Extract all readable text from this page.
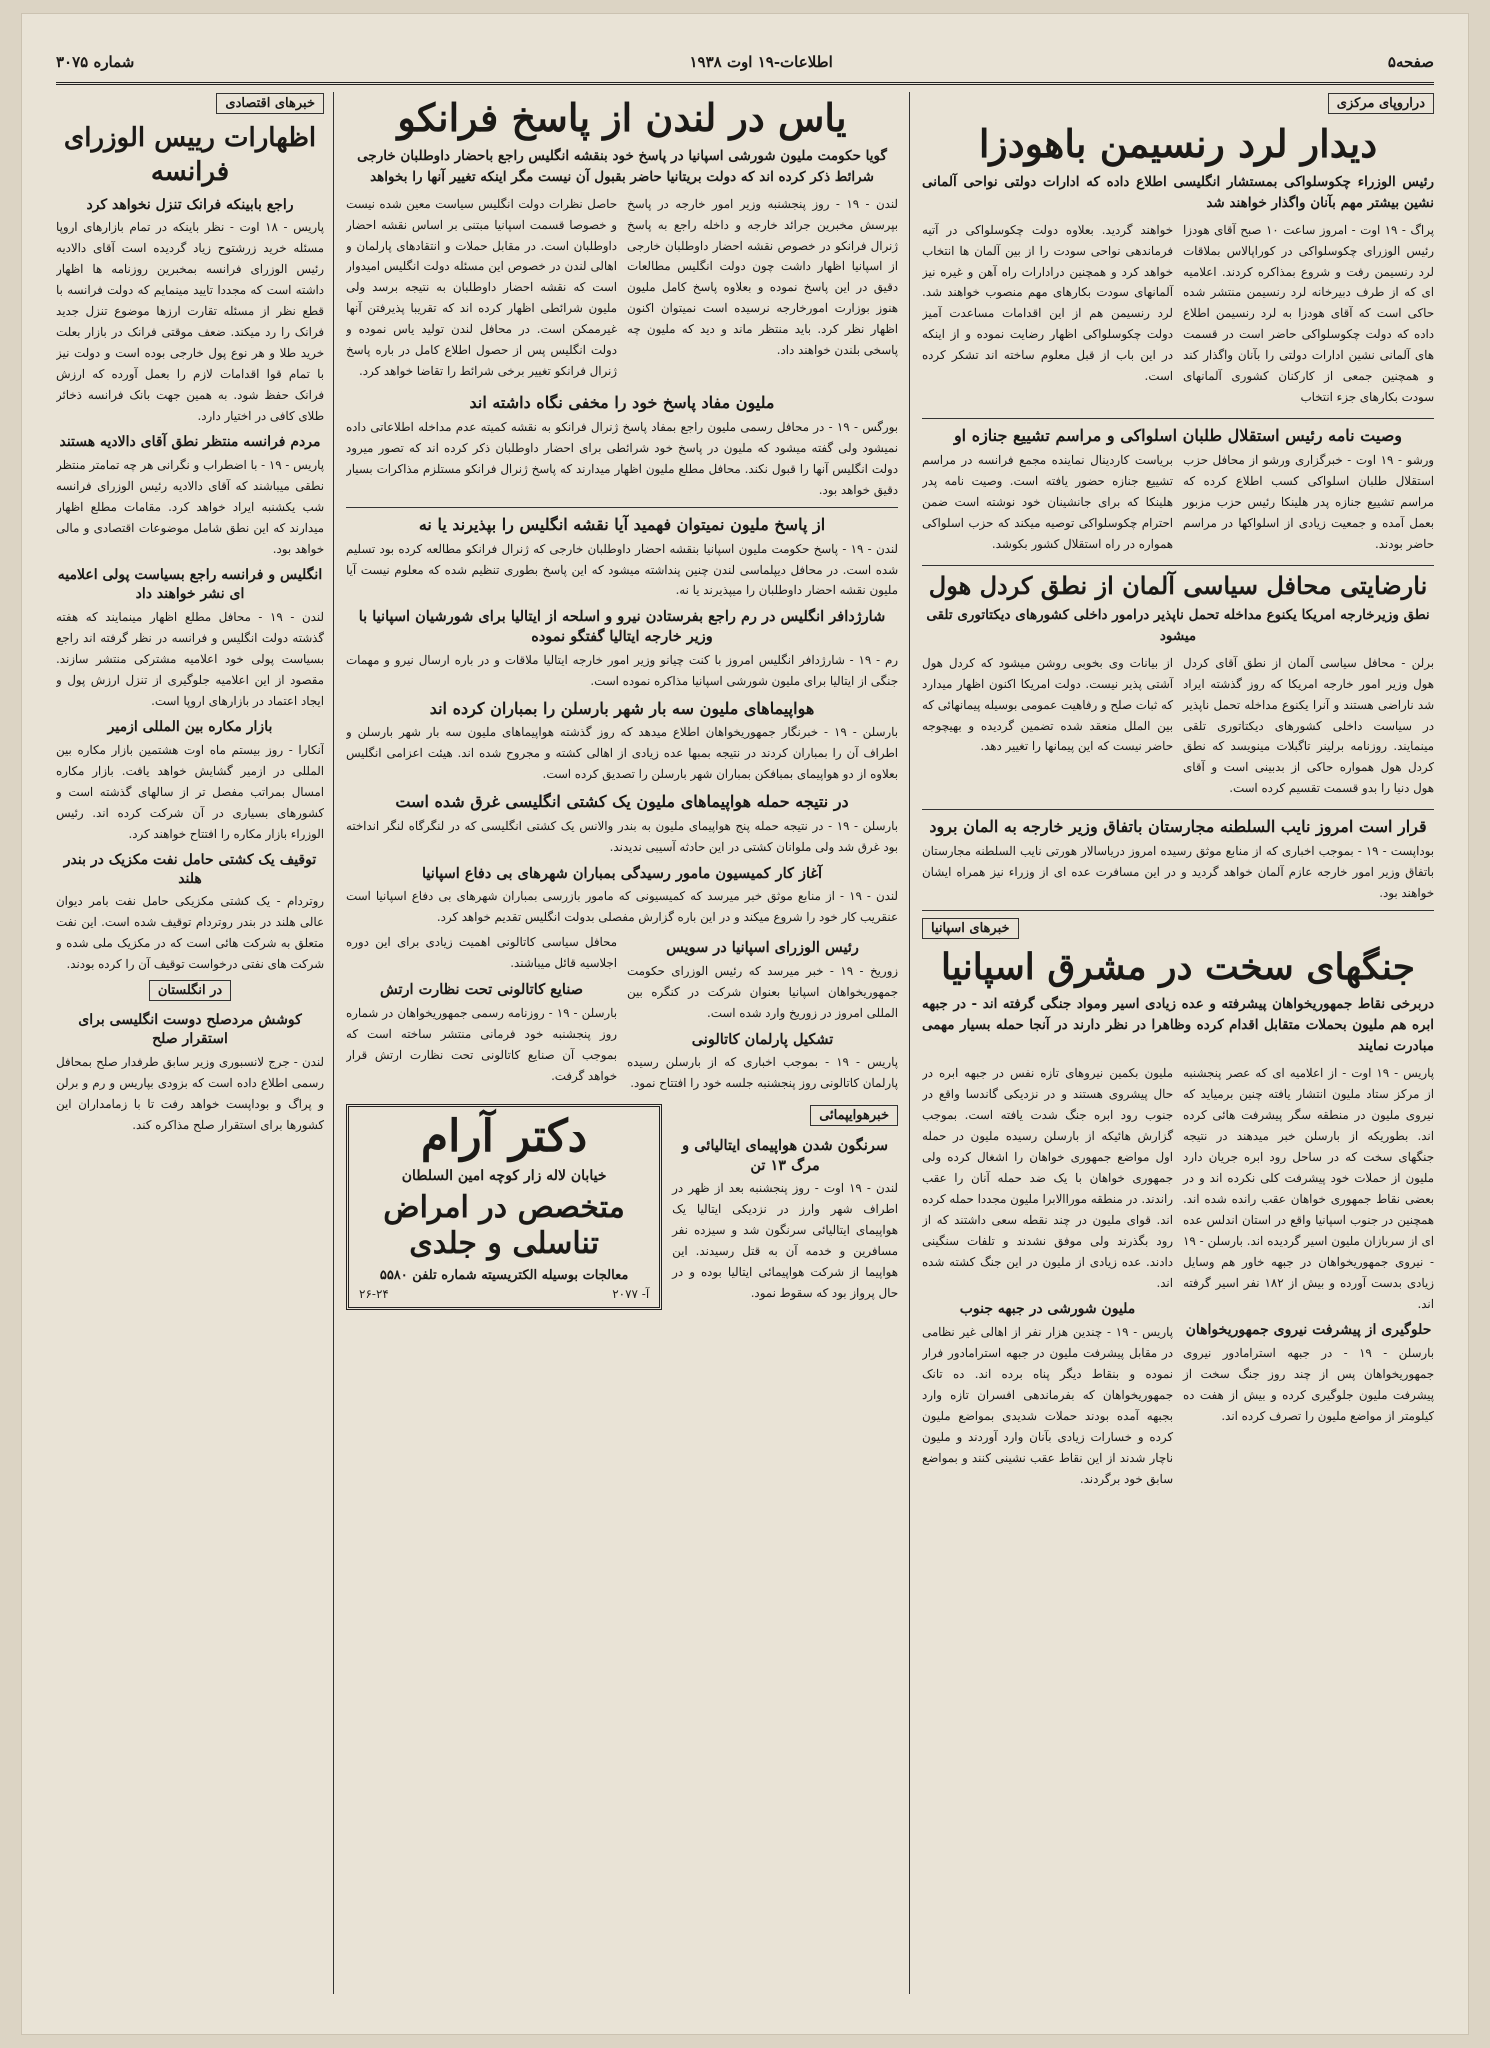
صفحه۵
اطلاعات-۱۹ اوت ۱۹۳۸
شماره ۳۰۷۵
دراروپای مرکزی
دیدار لرد رنسیمن باهودزا
رئیس الوزراء چکوسلواکی بمستشار انگلیسی اطلاع داده که ادارات دولتی نواحی آلمانی نشین بیشتر مهم بآنان واگذار خواهند شد

پراگ - ۱۹ اوت - امروز ساعت ۱۰ صبح آقای هودزا رئیس الوزرای چکوسلواکی در کوراپالاس بملاقات لرد رنسیمن رفت و شروع بمذاکره کردند. اعلامیه ای که از طرف دبیرخانه لرد رنسیمن منتشر شده حاکی است که آقای هودزا به لرد رنسیمن اطلاع داده که دولت چکوسلواکی حاضر است در قسمت های آلمانی نشین ادارات دولتی را بآنان واگذار کند و همچنین جمعی از کارکنان کشوری آلمانهای سودت بکارهای جزء انتخاب

خواهند گردید. بعلاوه دولت چکوسلواکی در آتیه فرماندهی نواحی سودت را از بین آلمان ها انتخاب خواهد کرد و همچنین درادارات راه آهن و غیره نیز آلمانهای سودت بکارهای مهم منصوب خواهند شد. لرد رنسیمن هم از این اقدامات مساعدت آمیز دولت چکوسلواکی اظهار رضایت نموده و از اینکه در این باب از قبل معلوم ساخته اند تشکر کرده است.

وصیت نامه رئیس استقلال طلبان اسلواکی و مراسم تشییع جنازه او

ورشو - ۱۹ اوت - خبرگزاری ورشو از محافل حزب استقلال طلبان اسلواکی کسب اطلاع کرده که مراسم تشییع جنازه پدر هلینکا رئیس حزب مزبور بعمل آمده و جمعیت زیادی از اسلواکها در مراسم حاضر بودند.

بریاست کاردینال نماینده مجمع فرانسه در مراسم تشییع جنازه حضور یافته است. وصیت نامه پدر هلینکا که برای جانشینان خود نوشته است ضمن احترام چکوسلواکی توصیه میکند که حزب اسلواکی همواره در راه استقلال کشور بکوشد.

نارضایتی محافل سیاسی آلمان از نطق کردل هول
نطق وزیرخارجه امریکا یکنوع مداخله تحمل ناپذیر درامور داخلی کشورهای دیکتاتوری تلقی میشود

برلن - محافل سیاسی آلمان از نطق آقای کردل هول وزیر امور خارجه امریکا که روز گذشته ایراد شد ناراضی هستند و آنرا یکنوع مداخله تحمل ناپذیر در سیاست داخلی کشورهای دیکتاتوری تلقی مینمایند. روزنامه برلینر تاگبلات مینویسد که نطق کردل هول همواره حاکی از بدبینی است و آقای هول دنیا را بدو قسمت تقسیم کرده است.

از بیانات وی بخوبی روشن میشود که کردل هول آشتی پذیر نیست. دولت امریکا اکنون اظهار میدارد که ثبات صلح و رفاهیت عمومی بوسیله پیمانهائی که بین الملل منعقد شده تضمین گردیده و بهیچوجه حاضر نیست که این پیمانها را تغییر دهد.

قرار است امروز نایب السلطنه مجارستان باتفاق وزیر خارجه به المان برود

بوداپست - ۱۹ - بموجب اخباری که از منابع موثق رسیده امروز دریاسالار هورتی نایب السلطنه مجارستان باتفاق وزیر امور خارجه عازم آلمان خواهد گردید و در این مسافرت عده ای از وزراء نیز همراه ایشان خواهند بود.

خبرهای اسپانیا
جنگهای سخت در مشرق اسپانیا
دربرخی نقاط جمهوریخواهان پیشرفته و عده زیادی اسیر ومواد جنگی گرفته اند - در جبهه ابره هم ملیون بحملات متقابل اقدام کرده وظاهرا در نظر دارند در آنجا حمله بسیار مهمی مبادرت نمایند

پاریس - ۱۹ اوت - از اعلامیه ای که عصر پنجشنبه از مرکز ستاد ملیون انتشار یافته چنین برمیاید که نیروی ملیون در منطقه سگر پیشرفت هائی کرده اند. بطوریکه از بارسلن خبر میدهند در نتیجه جنگهای سخت که در ساحل رود ابره جریان دارد ملیون از حملات خود پیشرفت کلی نکرده اند و در بعضی نقاط جمهوری خواهان عقب رانده شده اند. همچنین در جنوب اسپانیا واقع در استان اندلس عده ای از سربازان ملیون اسیر گردیده اند. بارسلن - ۱۹ - نیروی جمهوریخواهان در جبهه خاور هم وسایل زیادی بدست آورده و بیش از ۱۸۲ نفر اسیر گرفته اند.

حلوگیری از پیشرفت نیروی جمهوریخواهان

بارسلن - ۱۹ - در جبهه استرامادور نیروی جمهوریخواهان پس از چند روز جنگ سخت از پیشرفت ملیون جلوگیری کرده و بیش از هفت ده کیلومتر از مواضع ملیون را تصرف کرده اند.

ملیون بکمین نیروهای تازه نفس در جبهه ابره در حال پیشروی هستند و در نزدیکی گاندسا واقع در جنوب رود ابره جنگ شدت یافته است. بموجب گزارش هائیکه از بارسلن رسیده ملیون در حمله اول مواضع جمهوری خواهان را اشغال کرده ولی جمهوری خواهان با یک ضد حمله آنان را عقب راندند. در منطقه موراالابرا ملیون مجددا حمله کرده اند. قوای ملیون در چند نقطه سعی داشتند که از رود بگذرند ولی موفق نشدند و تلفات سنگینی دادند. عده زیادی از ملیون در این جنگ کشته شده اند.

ملیون شورشی در جبهه جنوب

پاریس - ۱۹ - چندین هزار نفر از اهالی غیر نظامی در مقابل پیشرفت ملیون در جبهه استرامادور فرار نموده و بنقاط دیگر پناه برده اند. ده تانک جمهوریخواهان که بفرماندهی افسران تازه وارد بجبهه آمده بودند حملات شدیدی بمواضع ملیون کرده و خسارات زیادی بآنان وارد آوردند و ملیون ناچار شدند از این نقاط عقب نشینی کنند و بمواضع سابق خود برگردند.

یاس در لندن از پاسخ فرانکو
گویا حکومت ملیون شورشی اسپانیا در پاسخ خود بنقشه انگلیس راجع باحضار داوطلبان خارجی شرائط ذکر کرده اند که دولت بریتانیا حاضر بقبول آن نیست مگر اینکه تغییر آنها را بخواهد

لندن - ۱۹ - روز پنجشنبه وزیر امور خارجه در پاسخ بپرسش مخبرین جرائد خارجه و داخله راجع به پاسخ ژنرال فرانکو در خصوص نقشه احضار داوطلبان خارجی از اسپانیا اظهار داشت چون دولت انگلیس مطالعات دقیق در این پاسخ نموده و بعلاوه پاسخ کامل ملیون هنوز بوزارت امورخارجه نرسیده است نمیتوان اکنون اظهار نظر کرد. باید منتظر ماند و دید که ملیون چه پاسخی بلندن خواهند داد.

حاصل نظرات دولت انگلیس سیاست معین شده نیست و خصوصا قسمت اسپانیا مبتنی بر اساس نقشه احضار داوطلبان است. در مقابل حملات و انتقادهای پارلمان و اهالی لندن در خصوص این مسئله دولت انگلیس امیدوار است که نقشه احضار داوطلبان به نتیجه برسد ولی ملیون شرائطی اظهار کرده اند که تقریبا پذیرفتن آنها غیرممکن است. در محافل لندن تولید یاس نموده و دولت انگلیس پس از حصول اطلاع کامل در باره پاسخ ژنرال فرانکو تغییر برخی شرائط را تقاضا خواهد کرد.

ملیون مفاد پاسخ خود را مخفی نگاه داشته اند

بورگس - ۱۹ - در محافل رسمی ملیون راجع بمفاد پاسخ ژنرال فرانکو به نقشه کمیته عدم مداخله اطلاعاتی داده نمیشود ولی گفته میشود که ملیون در پاسخ خود شرائطی برای احضار داوطلبان ذکر کرده اند که تصور میرود دولت انگلیس آنها را قبول نکند. محافل مطلع ملیون اظهار میدارند که پاسخ ژنرال فرانکو مستلزم مذاکرات بسیار دقیق خواهد بود.

از پاسخ ملیون نمیتوان فهمید آیا نقشه انگلیس را بپذیرند یا نه

لندن - ۱۹ - پاسخ حکومت ملیون اسپانیا بنقشه احضار داوطلبان خارجی که ژنرال فرانکو مطالعه کرده بود تسلیم شده است. در محافل دیپلماسی لندن چنین پنداشته میشود که این پاسخ بطوری تنظیم شده که معلوم نیست آیا ملیون نقشه احضار داوطلبان را میپذیرند یا نه.

شارژدافر انگلیس در رم راجع بفرستادن نیرو و اسلحه از ایتالیا برای شورشیان اسپانیا با وزیر خارجه ایتالیا گفتگو نموده

رم - ۱۹ - شارژدافر انگلیس امروز با کنت چیانو وزیر امور خارجه ایتالیا ملاقات و در باره ارسال نیرو و مهمات جنگی از ایتالیا برای ملیون شورشی اسپانیا مذاکره نموده است.

هواپیماهای ملیون سه بار شهر بارسلن را بمباران کرده اند

بارسلن - ۱۹ - خبرنگار جمهوریخواهان اطلاع میدهد که روز گذشته هواپیماهای ملیون سه بار شهر بارسلن و اطراف آن را بمباران کردند در نتیجه بمبها عده زیادی از اهالی کشته و مجروح شده اند. هیئت اعزامی انگلیس بعلاوه از دو هواپیمای بمبافکن بمباران شهر بارسلن را تصدیق کرده است.

در نتیجه حمله هواپیماهای ملیون یک کشتی انگلیسی غرق شده است

بارسلن - ۱۹ - در نتیجه حمله پنج هواپیمای ملیون به بندر والانس یک کشتی انگلیسی که در لنگرگاه لنگر انداخته بود غرق شد ولی ملوانان کشتی در این حادثه آسیبی ندیدند.

آغاز کار کمیسیون مامور رسیدگی بمباران شهرهای بی دفاع اسپانیا

لندن - ۱۹ - از منابع موثق خبر میرسد که کمیسیونی که مامور بازرسی بمباران شهرهای بی دفاع اسپانیا است عنقریب کار خود را شروع میکند و در این باره گزارش مفصلی بدولت انگلیس تقدیم خواهد کرد.

رئیس الوزرای اسپانیا در سویس

زوریخ - ۱۹ - خبر میرسد که رئیس الوزرای حکومت جمهوریخواهان اسپانیا بعنوان شرکت در کنگره بین المللی امروز در زوریخ وارد شده است.

تشکیل پارلمان کاتالونی

پاریس - ۱۹ - بموجب اخباری که از بارسلن رسیده پارلمان کاتالونی روز پنجشنبه جلسه خود را افتتاح نمود.

محافل سیاسی کاتالونی اهمیت زیادی برای این دوره اجلاسیه قائل میباشند.

صنایع کاتالونی تحت نظارت ارتش

بارسلن - ۱۹ - روزنامه رسمی جمهوریخواهان در شماره روز پنجشنبه خود فرمانی منتشر ساخته است که بموجب آن صنایع کاتالونی تحت نظارت ارتش قرار خواهد گرفت.

خبرهوایپمائی
سرنگون شدن هواپیمای ایتالیائی و مرگ ۱۳ تن

لندن - ۱۹ اوت - روز پنجشنبه بعد از ظهر در اطراف شهر وارز در نزدیکی ایتالیا یک هواپیمای ایتالیائی سرنگون شد و سیزده نفر مسافرین و خدمه آن به قتل رسیدند. این هواپیما از شرکت هواپیمائی ایتالیا بوده و در حال پرواز بود که سقوط نمود.

دکتر آرام
خیابان لاله زار کوچه امین السلطان
متخصص در امراض تناسلی و جلدی
معالجات بوسیله الکتریسیته شماره تلفن ۵۵۸۰
آ- ۲۰۷۷
۲۶-۲۴
خبرهای اقتصادی
اظهارات رییس الوزرای فرانسه
راجع بابینکه فرانک تنزل نخواهد کرد

پاریس - ۱۸ اوت - نظر باینکه در تمام بازارهای اروپا مسئله خرید زرشتوح زیاد گردیده است آقای دالادیه رئیس الوزرای فرانسه بمخبرین روزنامه ها اظهار داشته است که مجددا تایید مینمایم که دولت فرانسه با قطع نظر از مسئله تقارت ارزها موضوع تنزل جدید فرانک را رد میکند. ضعف موقتی فرانک در بازار بعلت خرید طلا و هر نوع پول خارجی بوده است و دولت نیز با تمام قوا اقدامات لازم را بعمل آورده که ارزش فرانک حفظ شود. به همین جهت بانک فرانسه ذخائر طلای کافی در اختیار دارد.

مردم فرانسه منتظر نطق آقای دالادیه هستند

پاریس - ۱۹ - با اضطراب و نگرانی هر چه تمامتر منتظر نطقی میباشند که آقای دالادیه رئیس الوزرای فرانسه شب یکشنبه ایراد خواهد کرد. مقامات مطلع اظهار میدارند که این نطق شامل موضوعات اقتصادی و مالی خواهد بود.

انگلیس و فرانسه راجع بسیاست پولی اعلامیه ای نشر خواهند داد

لندن - ۱۹ - محافل مطلع اظهار مینمایند که هفته گذشته دولت انگلیس و فرانسه در نظر گرفته اند راجع بسیاست پولی خود اعلامیه مشترکی منتشر سازند. مقصود از این اعلامیه جلوگیری از تنزل ارزش پول و ایجاد اعتماد در بازارهای اروپا است.

بازار مکاره بین المللی ازمیر

آنکارا - روز بیستم ماه اوت هشتمین بازار مکاره بین المللی در ازمیر گشایش خواهد یافت. بازار مکاره امسال بمراتب مفصل تر از سالهای گذشته است و کشورهای بسیاری در آن شرکت کرده اند. رئیس الوزراء بازار مکاره را افتتاح خواهند کرد.

توقیف یک کشتی حامل نفت مکزیک در بندر هلند

روتردام - یک کشتی مکزیکی حامل نفت بامر دیوان عالی هلند در بندر روتردام توقیف شده است. این نفت متعلق به شرکت هائی است که در مکزیک ملی شده و شرکت های نفتی درخواست توقیف آن را کرده بودند.

در انگلستان
کوشش مردصلح دوست انگلیسی برای استقرار صلح

لندن - جرج لانسبوری وزیر سابق طرفدار صلح بمحافل رسمی اطلاع داده است که بزودی بپاریس و رم و برلن و پراگ و بوداپست خواهد رفت تا با زمامداران این کشورها برای استقرار صلح مذاکره کند.
